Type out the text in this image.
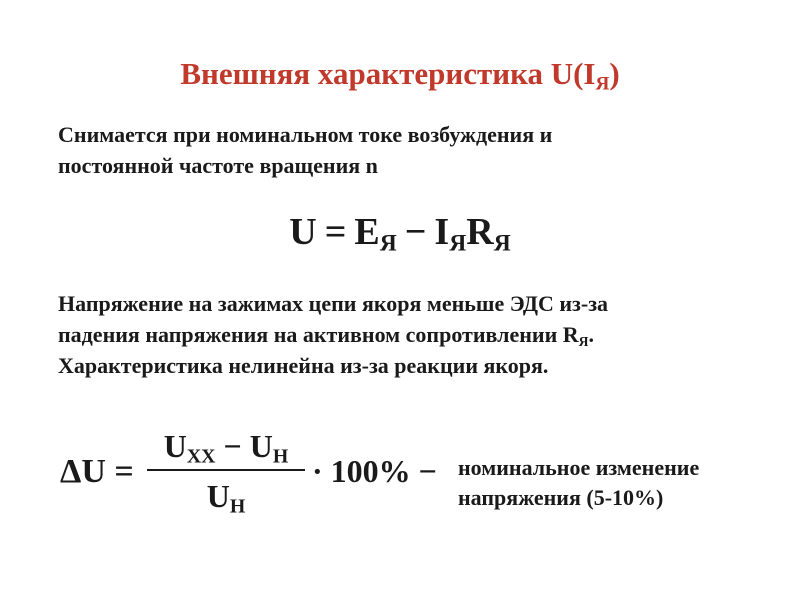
Внешняя характеристика $U(I_Я)$
Снимается при номинальном токе возбуждения и
постоянной частоте вращения n
$U = E_Я - I_ЯR_Я$
Напряжение на зажимах цепи якоря меньше ЭДС из-за
падения напряжения на активном сопротивлении $R_Я$.
Характеристика нелинейна из-за реакции якоря.
ΔU =
$U_{XX} - U_H$
$U_H$
· 100% − номинальное изменение
напряжения (5-10%)
